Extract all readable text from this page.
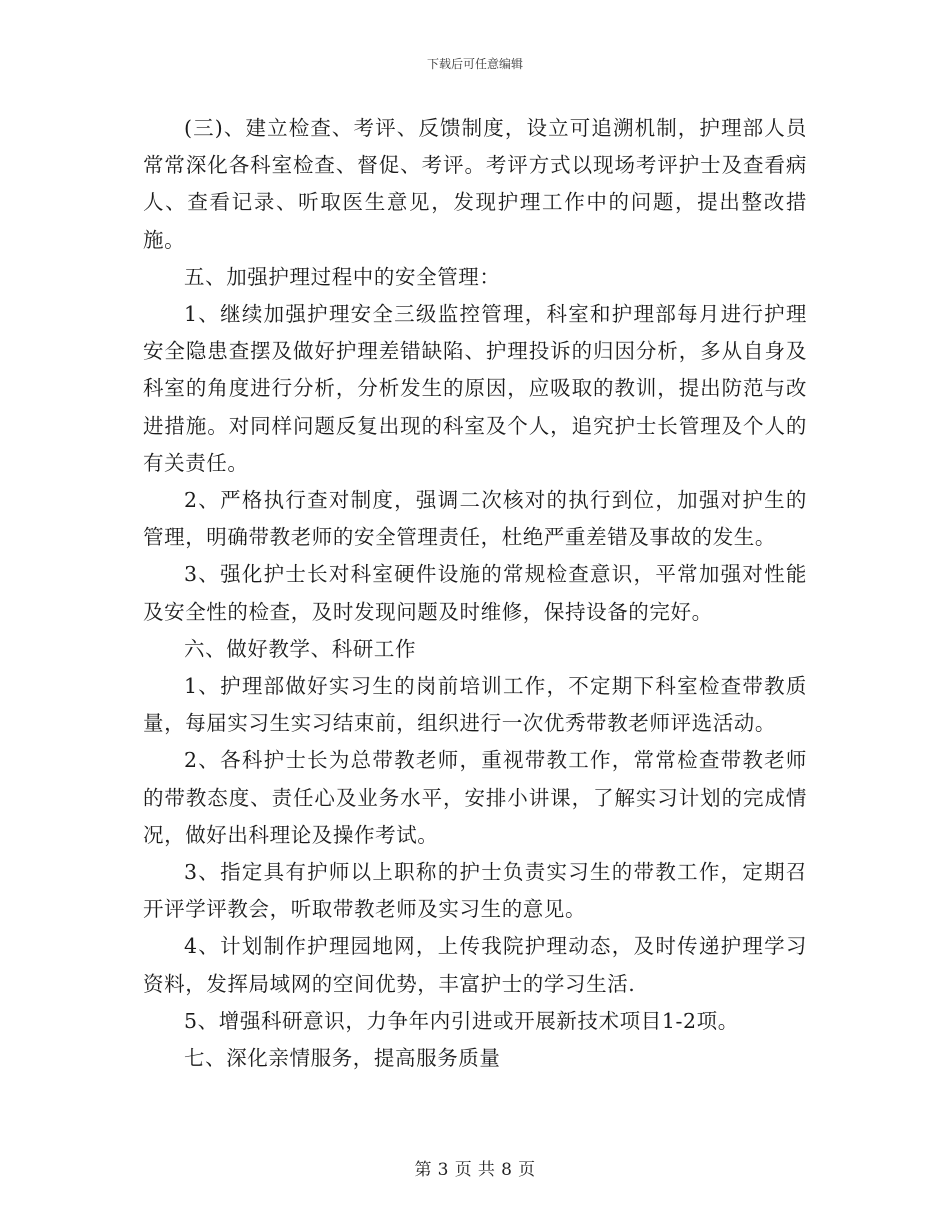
下载后可任意编辑

(三)、建立检查、考评、反馈制度，设立可追溯机制，护理部人员常常深化各科室检查、督促、考评。考评方式以现场考评护士及查看病人、查看记录、听取医生意见，发现护理工作中的问题，提出整改措施。

五、加强护理过程中的安全管理：

1、继续加强护理安全三级监控管理，科室和护理部每月进行护理安全隐患查摆及做好护理差错缺陷、护理投诉的归因分析，多从自身及科室的角度进行分析，分析发生的原因，应吸取的教训，提出防范与改进措施。对同样问题反复出现的科室及个人，追究护士长管理及个人的有关责任。

2、严格执行查对制度，强调二次核对的执行到位，加强对护生的管理，明确带教老师的安全管理责任，杜绝严重差错及事故的发生。

3、强化护士长对科室硬件设施的常规检查意识，平常加强对性能及安全性的检查，及时发现问题及时维修，保持设备的完好。

六、做好教学、科研工作

1、护理部做好实习生的岗前培训工作，不定期下科室检查带教质量，每届实习生实习结束前，组织进行一次优秀带教老师评选活动。

2、各科护士长为总带教老师，重视带教工作，常常检查带教老师的带教态度、责任心及业务水平，安排小讲课，了解实习计划的完成情况，做好出科理论及操作考试。

3、指定具有护师以上职称的护士负责实习生的带教工作，定期召开评学评教会，听取带教老师及实习生的意见。

4、计划制作护理园地网，上传我院护理动态，及时传递护理学习资料，发挥局域网的空间优势，丰富护士的学习生活.

5、增强科研意识，力争年内引进或开展新技术项目1-2项。

七、深化亲情服务，提高服务质量

第 3 页 共 8 页
